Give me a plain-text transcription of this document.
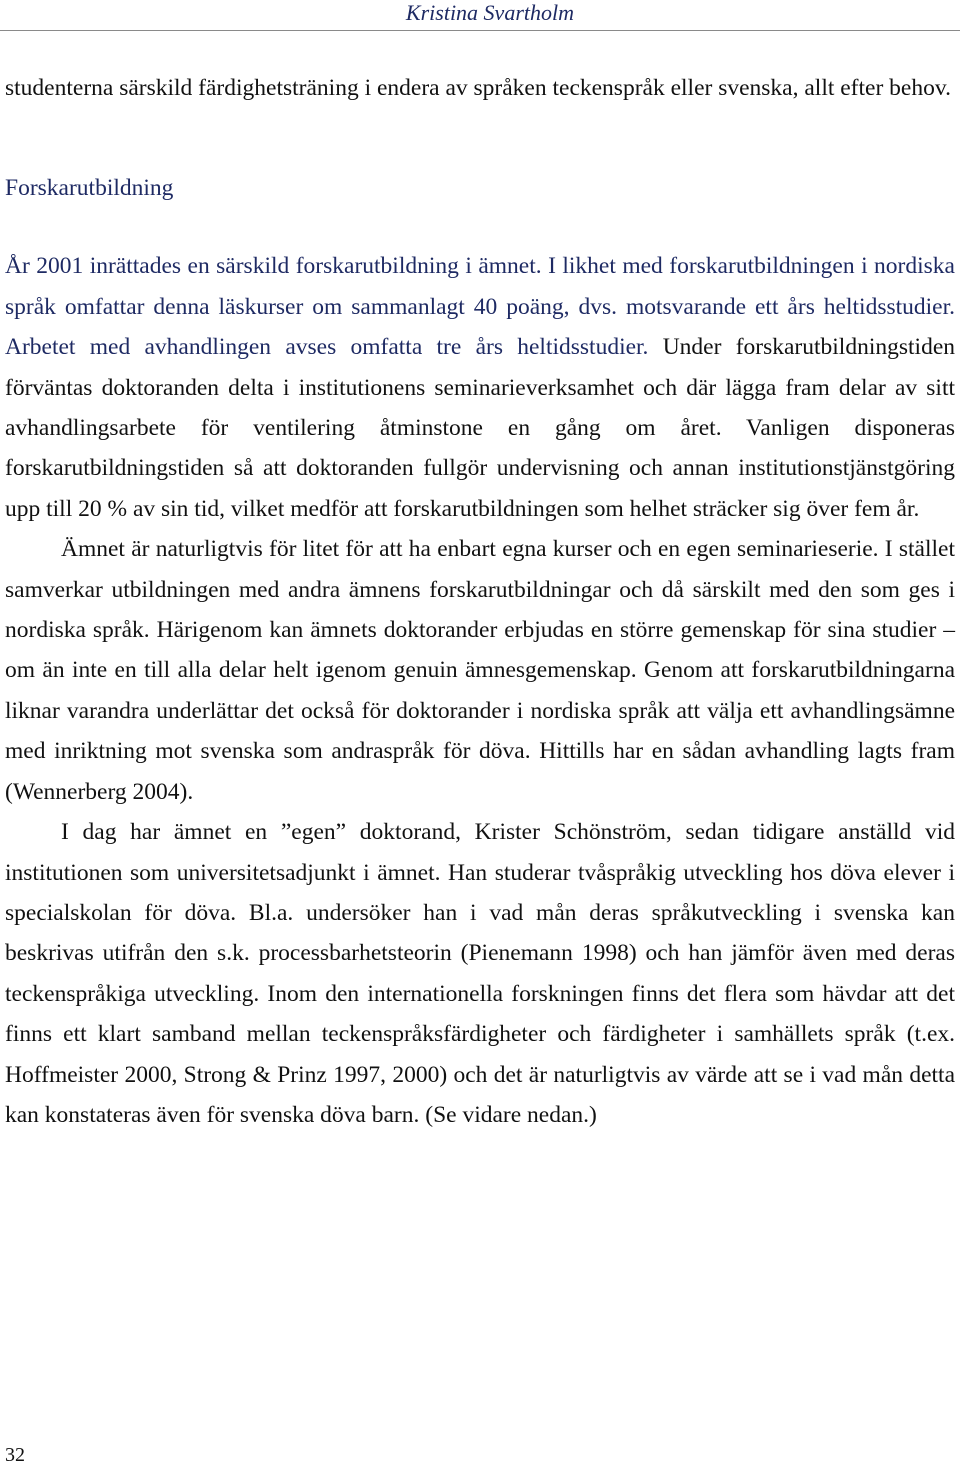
Kristina Svartholm

studenterna särskild färdighetsträning i endera av språken teckenspråk eller svenska, allt efter behov.

Forskarutbildning

År 2001 inrättades en särskild forskarutbildning i ämnet. I likhet med forskarutbildningen i nordiska språk omfattar denna läskurser om sammanlagt 40 poäng, dvs. motsvarande ett års heltidsstudier. Arbetet med avhandlingen avses omfatta tre års heltidsstudier. Under forskarutbildningstiden förväntas doktoranden delta i institutionens seminarieverksamhet och där lägga fram delar av sitt avhandlingsarbete för ventilering åtminstone en gång om året. Vanligen disponeras forskarutbildningstiden så att doktoranden fullgör undervisning och annan institutionstjänstgöring upp till 20 % av sin tid, vilket medför att forskarutbildningen som helhet sträcker sig över fem år.

Ämnet är naturligtvis för litet för att ha enbart egna kurser och en egen seminarieserie. I stället samverkar utbildningen med andra ämnens forskarutbildningar och då särskilt med den som ges i nordiska språk. Härigenom kan ämnets doktorander erbjudas en större gemenskap för sina studier – om än inte en till alla delar helt igenom genuin ämnesgemenskap. Genom att forskarutbildningarna liknar varandra underlättar det också för doktorander i nordiska språk att välja ett avhandlingsämne med inriktning mot svenska som andraspråk för döva. Hittills har en sådan avhandling lagts fram (Wennerberg 2004).

I dag har ämnet en ”egen” doktorand, Krister Schönström, sedan tidigare anställd vid institutionen som universitetsadjunkt i ämnet. Han studerar tvåspråkig utveckling hos döva elever i specialskolan för döva. Bl.a. undersöker han i vad mån deras språkutveckling i svenska kan beskrivas utifrån den s.k. processbarhetsteorin (Pienemann 1998) och han jämför även med deras teckenspråkiga utveckling. Inom den internationella forskningen finns det flera som hävdar att det finns ett klart samband mellan teckenspråksfärdigheter och färdigheter i samhällets språk (t.ex. Hoffmeister 2000, Strong & Prinz 1997, 2000) och det är naturligtvis av värde att se i vad mån detta kan konstateras även för svenska döva barn. (Se vidare nedan.)

32
